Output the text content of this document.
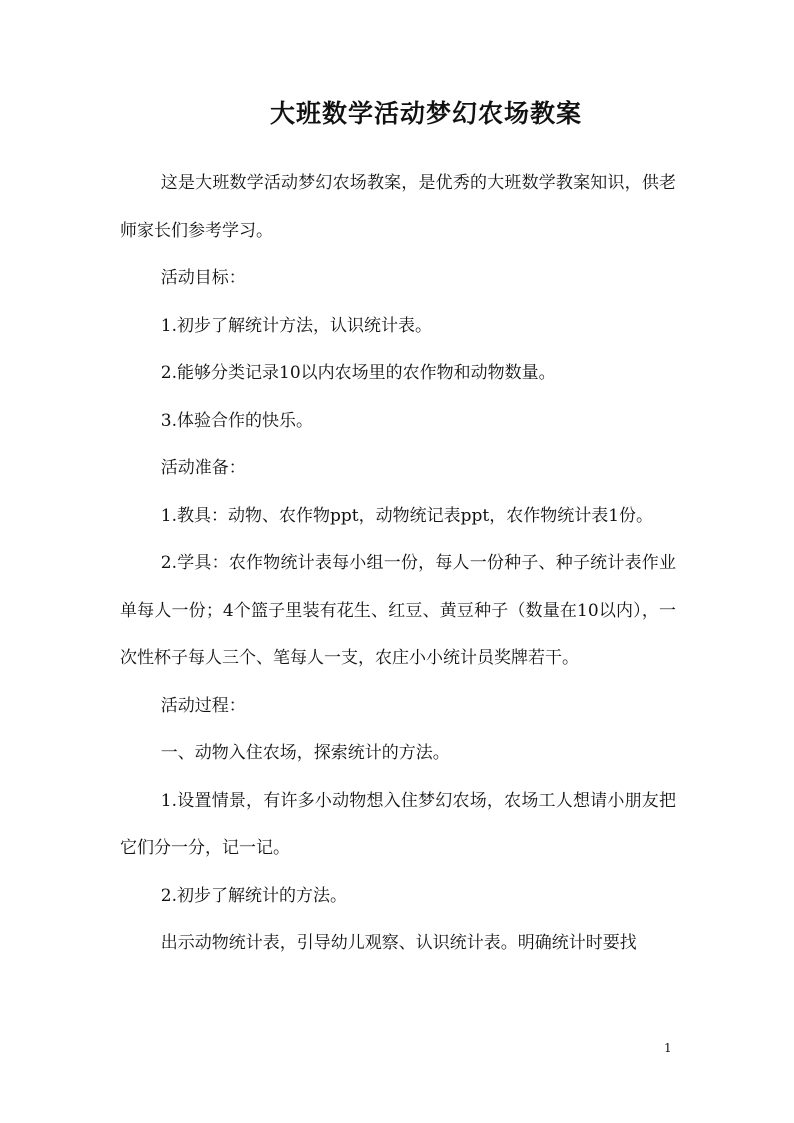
大班数学活动梦幻农场教案

这是大班数学活动梦幻农场教案，是优秀的大班数学教案知识，供老师家长们参考学习。

活动目标：

1.初步了解统计方法，认识统计表。

2.能够分类记录10以内农场里的农作物和动物数量。

3.体验合作的快乐。

活动准备：

1.教具：动物、农作物ppt，动物统记表ppt，农作物统计表1份。

2.学具：农作物统计表每小组一份，每人一份种子、种子统计表作业单每人一份；4个篮子里装有花生、红豆、黄豆种子（数量在10以内），一次性杯子每人三个、笔每人一支，农庄小小统计员奖牌若干。

活动过程：

一、动物入住农场，探索统计的方法。

1.设置情景，有许多小动物想入住梦幻农场，农场工人想请小朋友把它们分一分，记一记。

2.初步了解统计的方法。

出示动物统计表，引导幼儿观察、认识统计表。明确统计时要找

1
